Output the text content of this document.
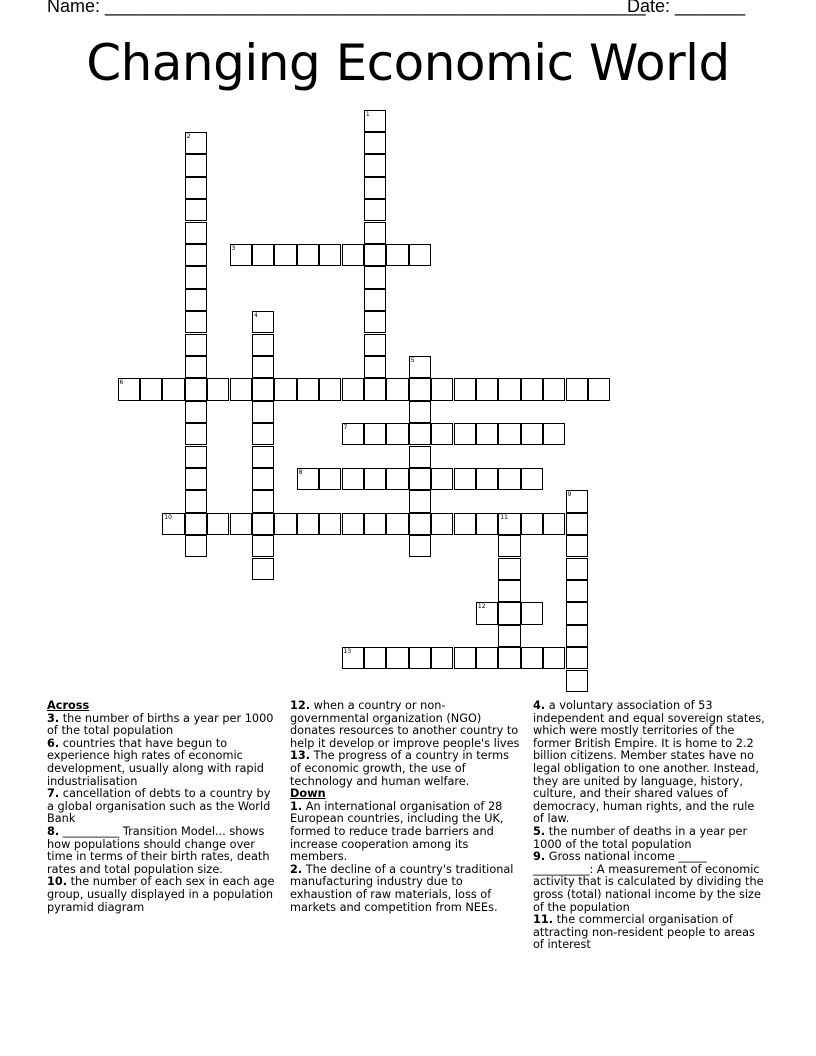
Name: ______________________________________________________
Date: _______
Changing Economic World
1
2
3
4
5
6
7
8
9
10	11
12
13
Across

3. the number of births a year per 1000 of the total population

6. countries that have begun to experience high rates of economic development, usually along with rapid industrialisation

7. cancellation of debts to a country by a global organisation such as the World Bank

8. __________ Transition Model... shows how populations should change over time in terms of their birth rates, death rates and total population size.

10. the number of each sex in each age group, usually displayed in a population pyramid diagram

12. when a country or non-governmental organization (NGO) donates resources to another country to help it develop or improve people's lives

13. The progress of a country in terms of economic growth, the use of technology and human welfare.

Down

1. An international organisation of 28 European countries, including the UK, formed to reduce trade barriers and increase cooperation among its members.

2. The decline of a country's traditional manufacturing industry due to exhaustion of raw materials, loss of markets and competition from NEEs.

4. a voluntary association of 53 independent and equal sovereign states, which were mostly territories of the former British Empire. It is home to 2.2 billion citizens. Member states have no legal obligation to one another. Instead, they are united by language, history, culture, and their shared values of democracy, human rights, and the rule of law.

5. the number of deaths in a year per 1000 of the total population

9. Gross national income _____ __________: A measurement of economic activity that is calculated by dividing the gross (total) national income by the size of the population

11. the commercial organisation of attracting non-resident people to areas of interest
